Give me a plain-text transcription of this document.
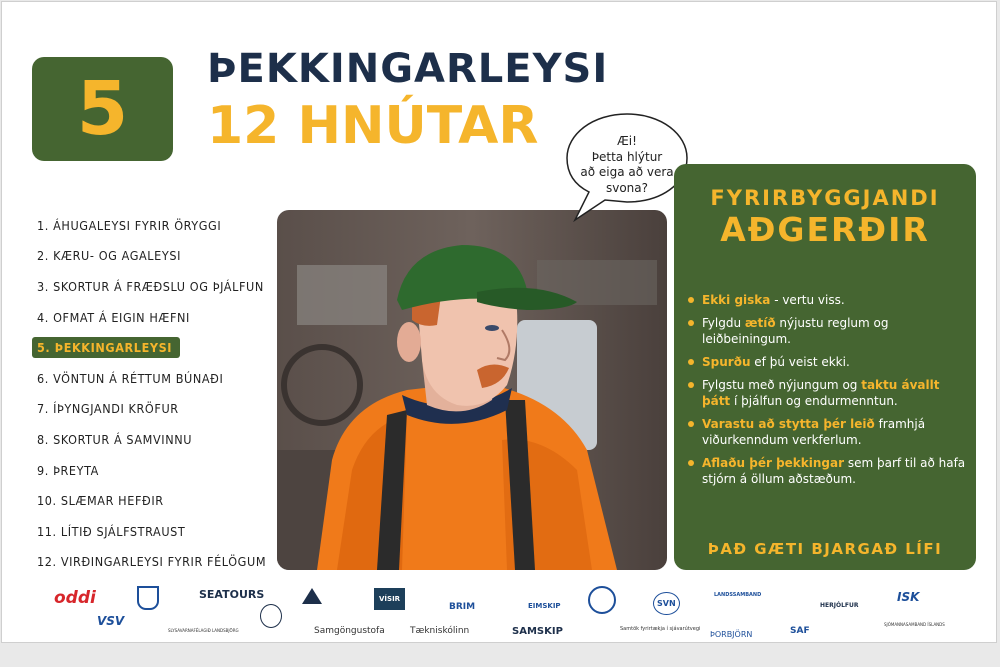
5 ÞEKKINGARLEYSI
12 HNÚTAR
1. ÁHUGALEYSI FYRIR ÖRYGGI
2. KÆRU- OG AGALEYSI
3. SKORTUR Á FRÆÐSLU OG ÞJÁLFUN
4. OFMAT Á EIGIN HÆFNI
5. ÞEKKINGARLEYSI
6. VÖNTUN Á RÉTTUM BÚNAÐI
7. ÍÞYNGJANDI KRÖFUR
8. SKORTUR Á SAMVINNU
9. ÞREYTA
10. SLÆMAR HEFÐIR
11. LÍTIÐ SJÁLFSTRAUST
12. VIRÐINGARLEYSI FYRIR FÉLÖGUM
Æi!
Þetta hlýtur
að eiga að vera
svona?	FYRIRBYGGJANDI
AÐGERÐIR
Ekki giska - vertu viss.
Fylgdu ætíð nýjustu reglum og leiðbeiningum.
Spurðu ef þú veist ekki.
Fylgstu með nýjungum og taktu ávallt þátt í þjálfun og endurmenntun.
Varastu að stytta þér leið framhjá viðurkenndum verkferlum.
Aflaðu þér þekkingar sem þarf til að hafa stjórn á öllum aðstæðum.
ÞAÐ GÆTI BJARGAÐ LÍFI
oddi
VSV
SEATOURS
SLYSAVARNAFÉLAGIÐ LANDSBJÖRG	Samgöngustofa
VÍSIR
BRIM
Tækniskólinn
EIMSKIP
SAMSKIP
SVN
Samtök fyrirtækja í sjávarútvegi
LANDSSAMBAND
ÞORBJÖRN	SAF
HERJÓLFUR
ISK
SJÓMANNASAMBAND ÍSLANDS
